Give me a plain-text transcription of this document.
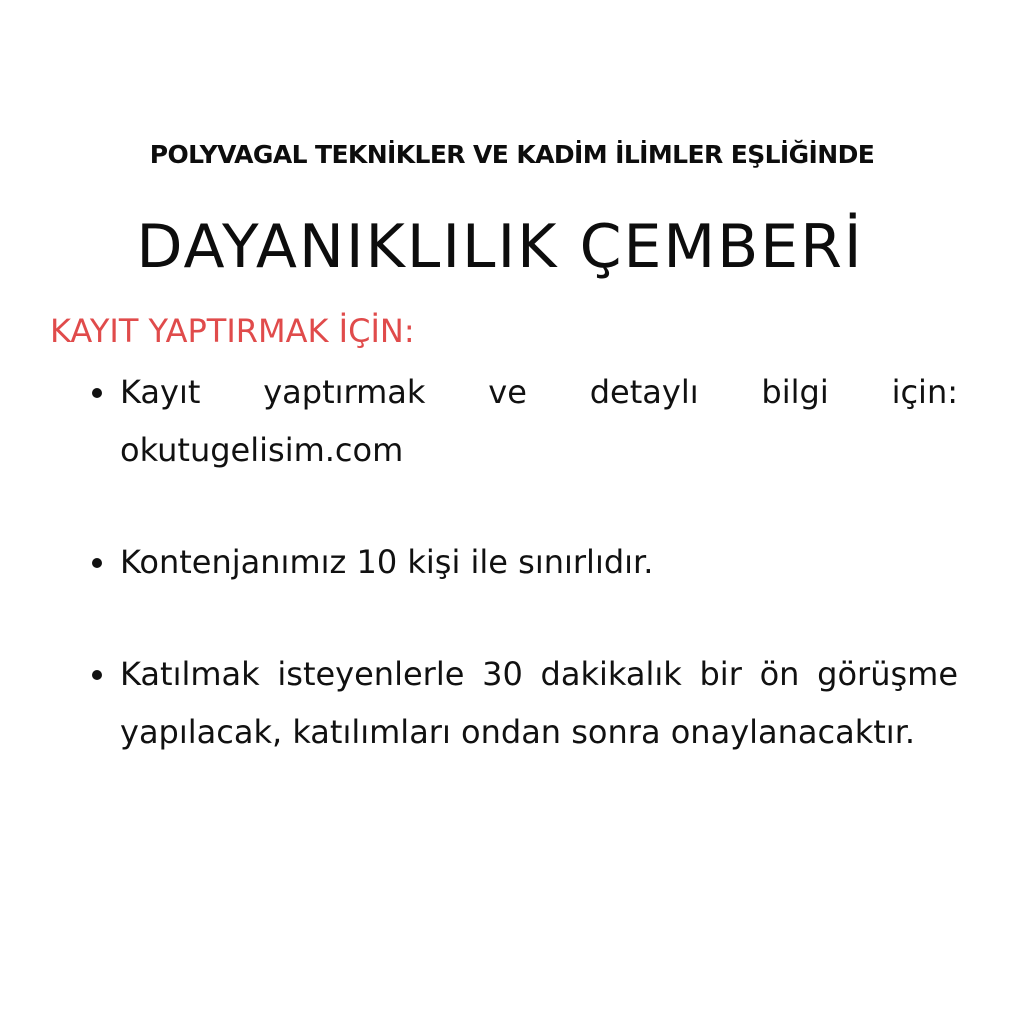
POLYVAGAL TEKNİKLER VE KADİM İLİMLER EŞLİĞİNDE
DAYANIKLILIK ÇEMBERİ
KAYIT YAPTIRMAK İÇİN:
Kayıt yaptırmak ve detaylı bilgi için: okutugelisim.com
Kontenjanımız 10 kişi ile sınırlıdır.
Katılmak isteyenlerle 30 dakikalık bir ön görüşme yapılacak, katılımları ondan sonra onaylanacaktır.
